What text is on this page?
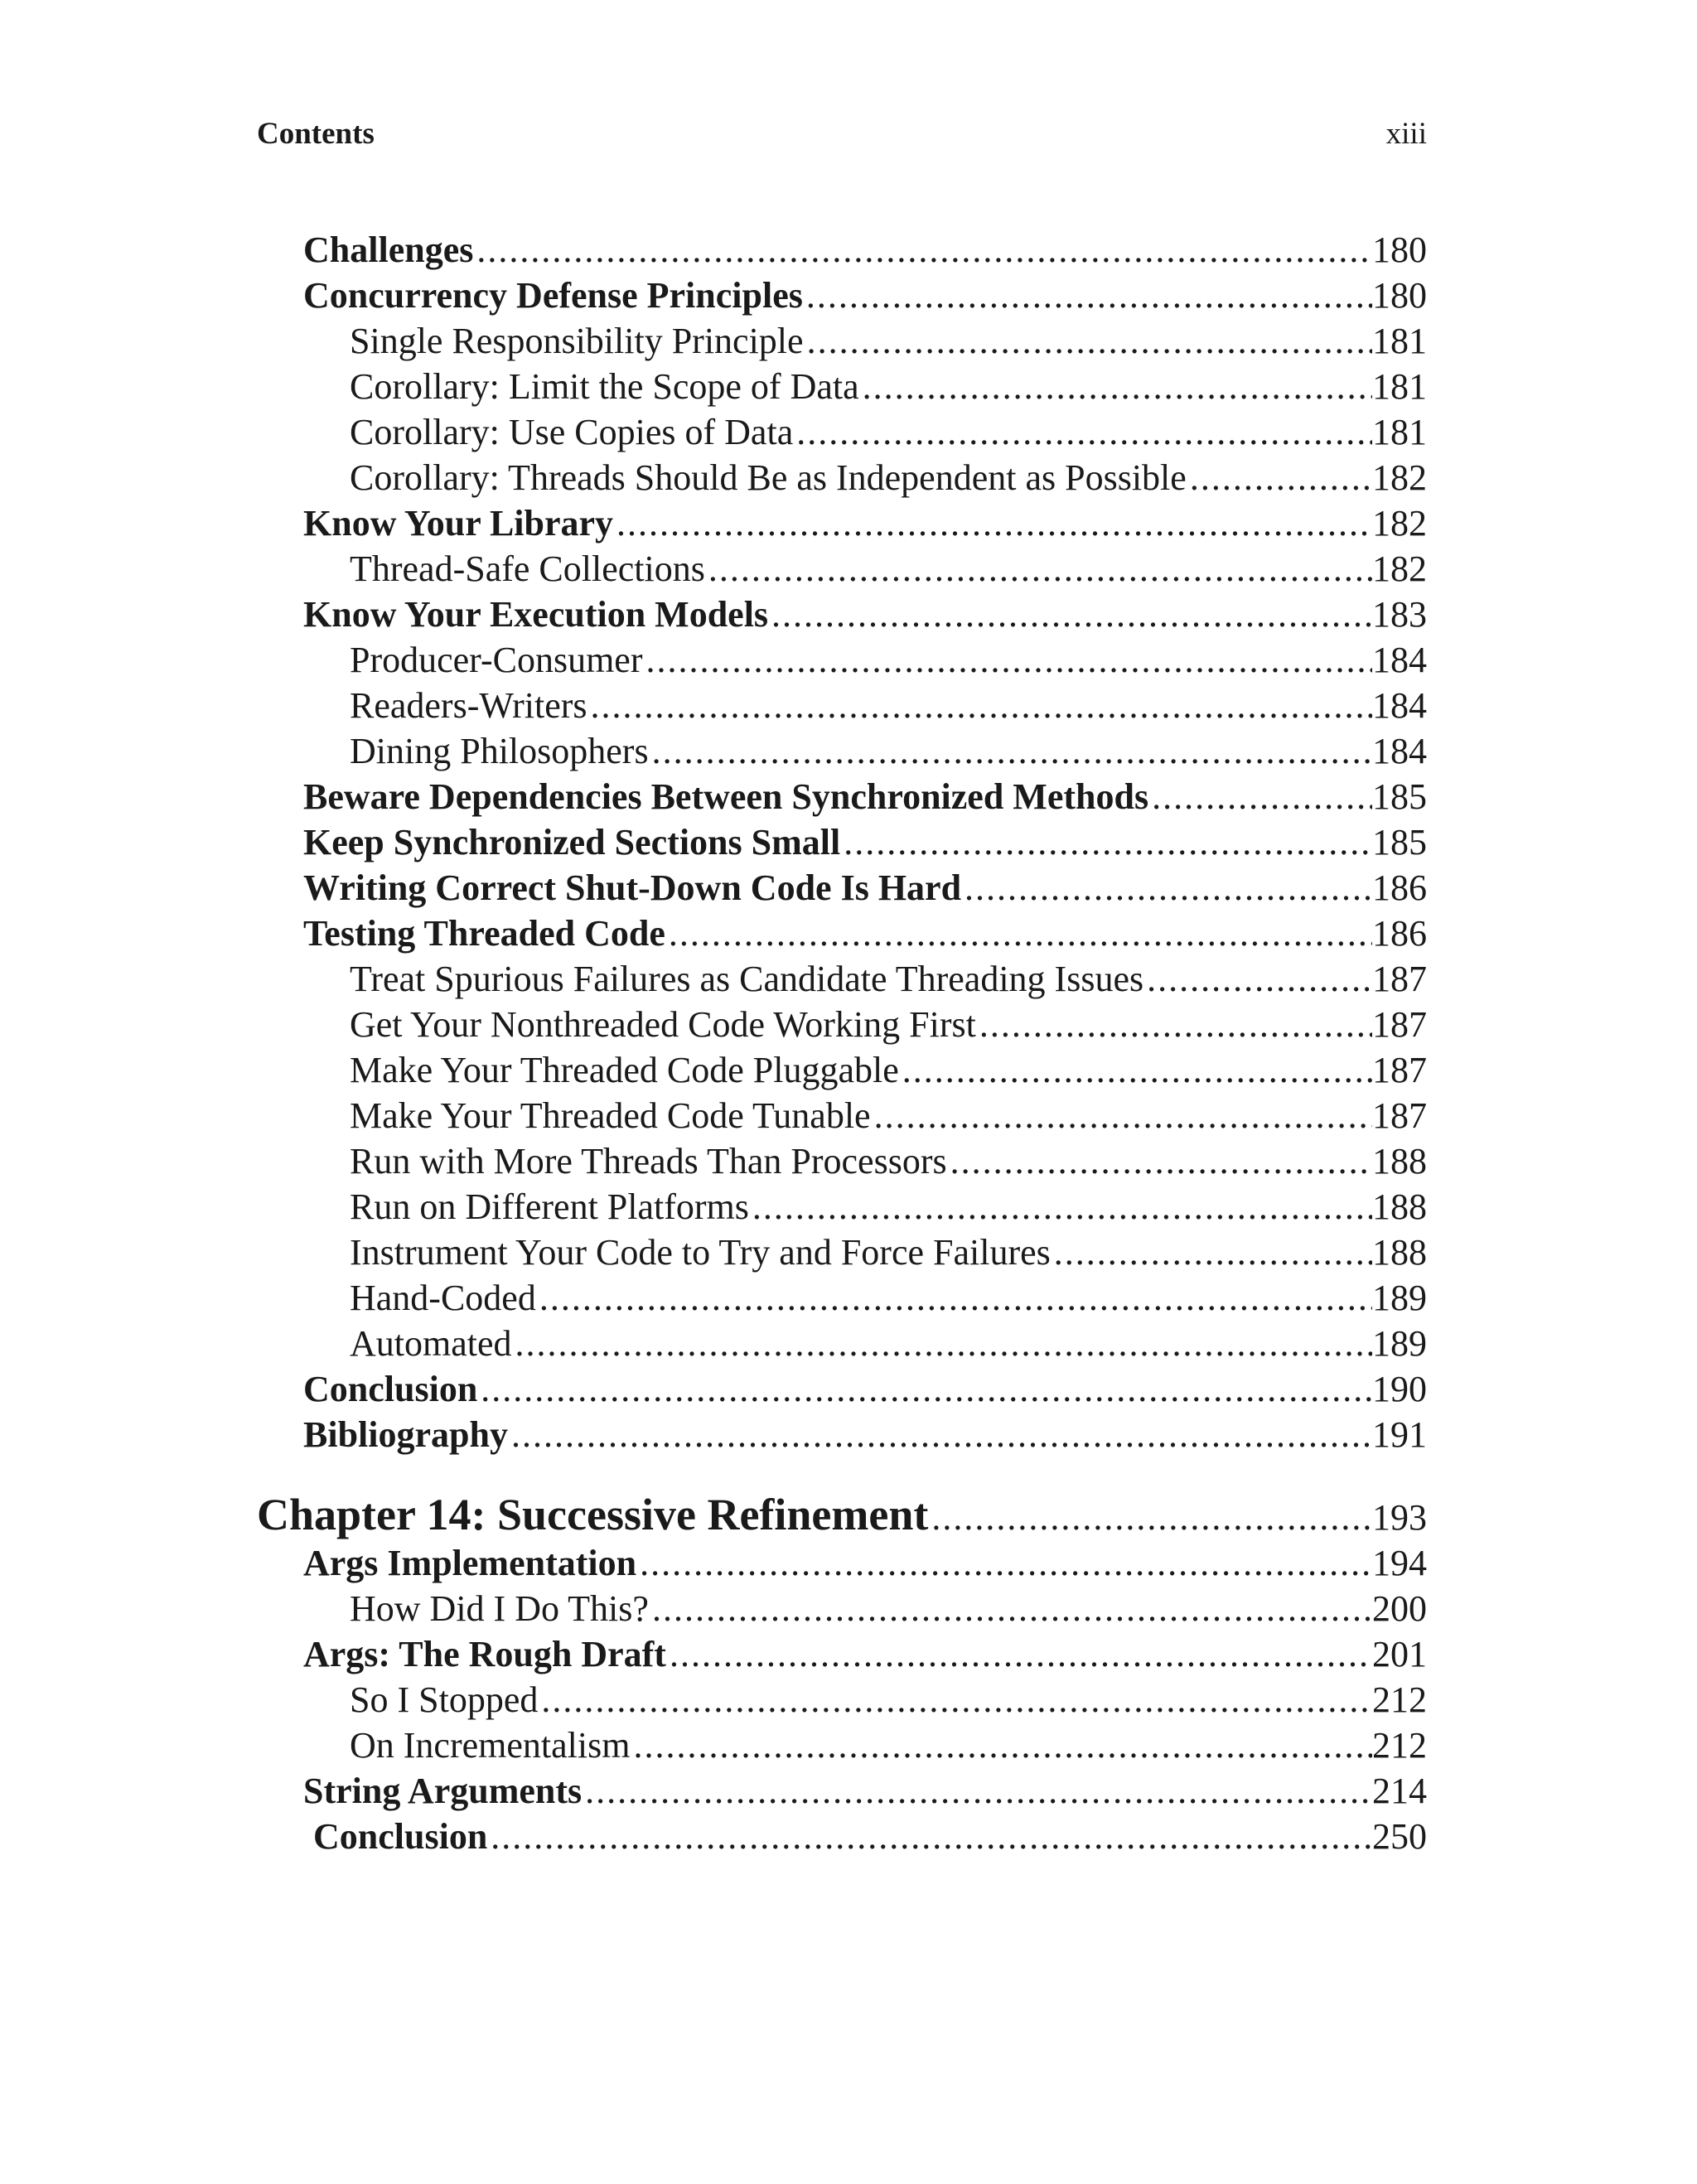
Contents	xiii
Challenges .....	180
Concurrency Defense Principles .....	180
Single Responsibility Principle .....	181
Corollary: Limit the Scope of Data .....	181
Corollary: Use Copies of Data .....	181
Corollary: Threads Should Be as Independent as Possible .....	182
Know Your Library .....	182
Thread-Safe Collections .....	182
Know Your Execution Models .....	183
Producer-Consumer .....	184
Readers-Writers .....	184
Dining Philosophers .....	184
Beware Dependencies Between Synchronized Methods .....	185
Keep Synchronized Sections Small .....	185
Writing Correct Shut-Down Code Is Hard .....	186
Testing Threaded Code .....	186
Treat Spurious Failures as Candidate Threading Issues .....	187
Get Your Nonthreaded Code Working First .....	187
Make Your Threaded Code Pluggable .....	187
Make Your Threaded Code Tunable .....	187
Run with More Threads Than Processors .....	188
Run on Different Platforms .....	188
Instrument Your Code to Try and Force Failures .....	188
Hand-Coded .....	189
Automated .....	189
Conclusion .....	190
Bibliography .....	191
Chapter 14: Successive Refinement .....	193
Args Implementation .....	194
How Did I Do This? .....	200
Args: The Rough Draft .....	201
So I Stopped .....	212
On Incrementalism .....	212
String Arguments .....	214
Conclusion .....	250
